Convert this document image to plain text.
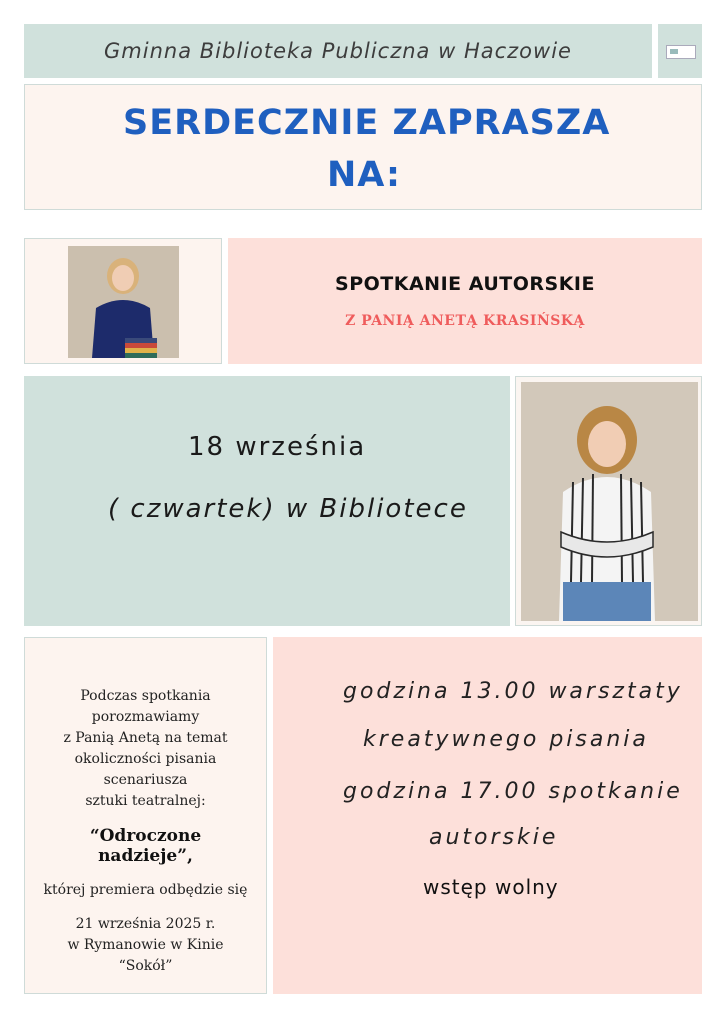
Gminna Biblioteka Publiczna w Haczowie
SERDECZNIE ZAPRASZA
NA:
SPOTKANIE AUTORSKIE
Z PANIĄ ANETĄ KRASIŃSKĄ
18 września
( czwartek) w Bibliotece
Podczas spotkania
porozmawiamy
z Panią Anetą na temat
okoliczności pisania
scenariusza
sztuki teatralnej:
“Odroczone
nadzieje”,
której premiera odbędzie się
21 września 2025 r.
w Rymanowie w Kinie
“Sokół”
godzina 13.00 warsztaty
kreatywnego pisania
godzina 17.00 spotkanie
autorskie
wstęp wolny
